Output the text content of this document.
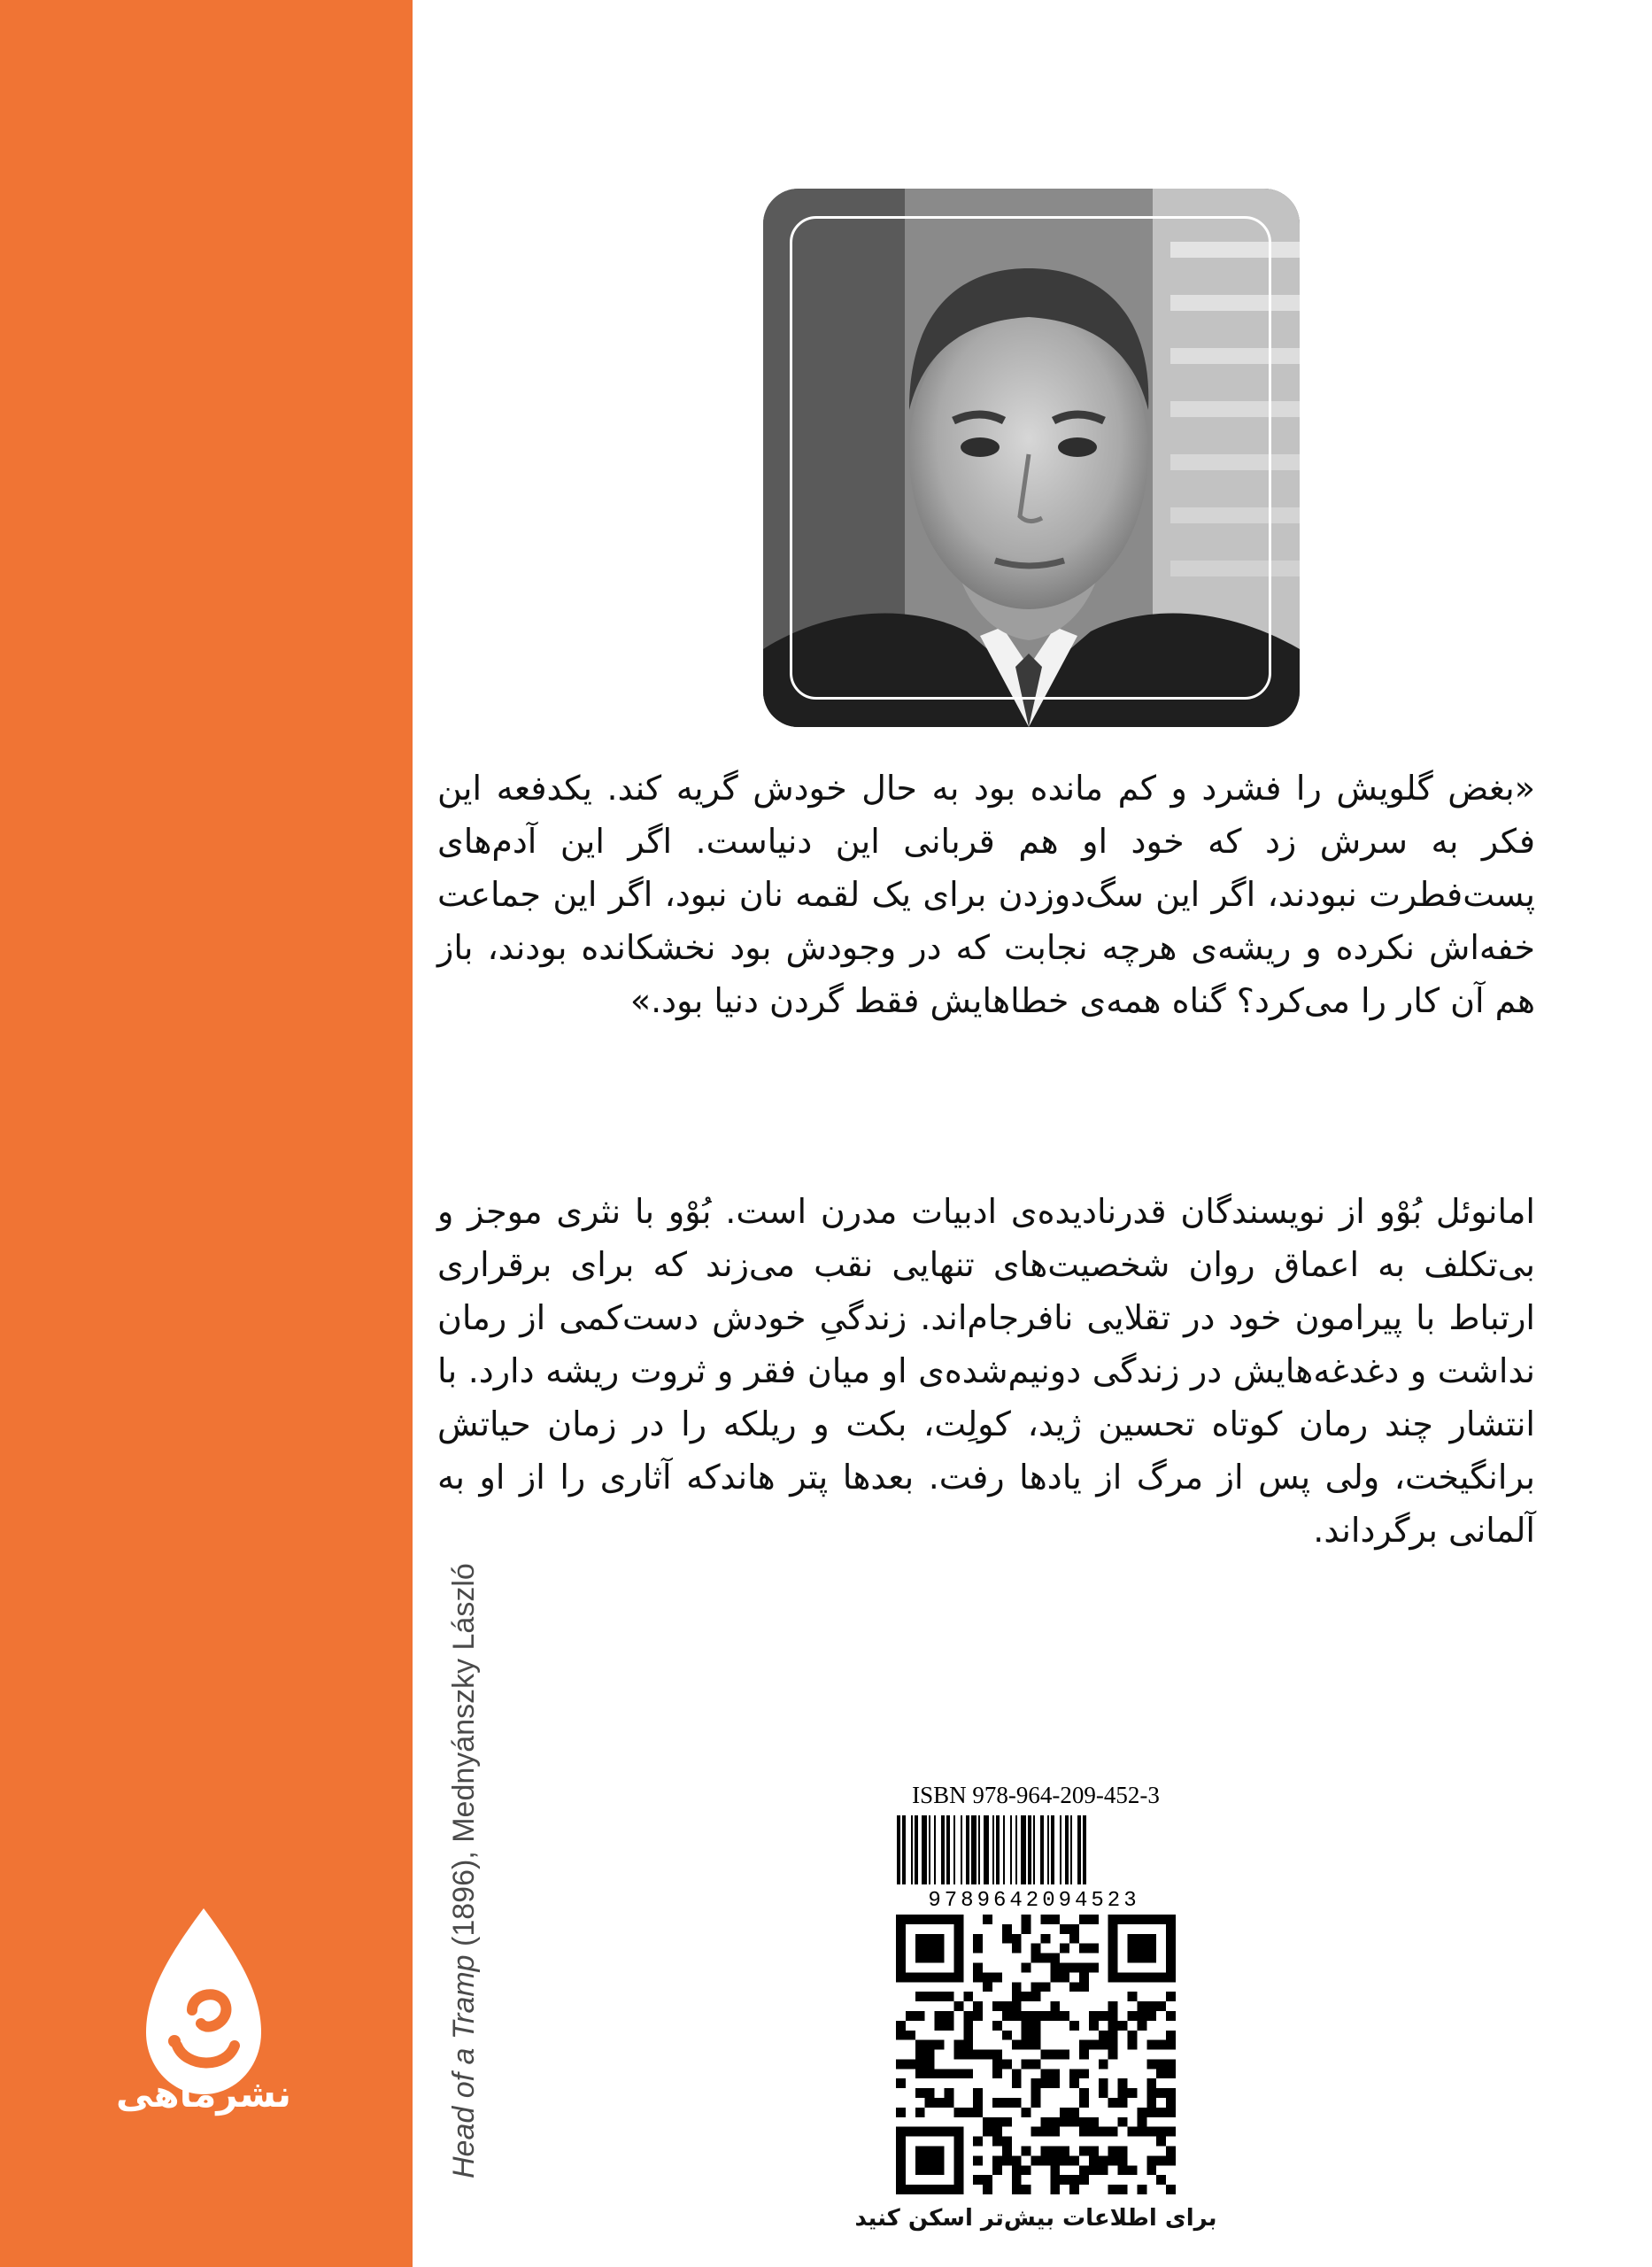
نشرماهی	Head of a Tramp (1896), Mednyánszky László
«بغض گلویش را فشرد و کم مانده بود به حال خودش گریه کند. یکدفعه این فکر به سرش زد که خود او هم قربانی این دنیاست. اگر این آدم‌های پست‌فطرت نبودند، اگر این سگ‌دوزدن برای یک لقمه نان نبود، اگر این جماعت خفه‌اش نکرده و ریشه‌ی هرچه نجابت که در وجودش بود نخشکانده بودند، باز هم آن کار را می‌کرد؟ گناه همه‌ی خطاهایش فقط گردن دنیا بود.»
امانوئل بُوْو از نویسندگان قدرنادیده‌ی ادبیات مدرن است. بُوْو با نثری موجز و بی‌تکلف به اعماق روان شخصیت‌های تنهایی نقب می‌زند که برای برقراری ارتباط با پیرامون خود در تقلایی نافرجام‌اند. زندگیِ خودش دست‌کمی از رمان نداشت و دغدغه‌هایش در زندگی دونیم‌شده‌ی او میان فقر و ثروت ریشه دارد. با انتشار چند رمان کوتاه تحسین ژید، کولِت، بکت و ریلکه را در زمان حیاتش برانگیخت، ولی پس از مرگ از یادها رفت. بعدها پتر هاندکه آثاری را از او به آلمانی برگرداند.
ISBN 978-964-209-452-3
9789642094523
برای اطلاعات بیش‌تر اسکن کنید
